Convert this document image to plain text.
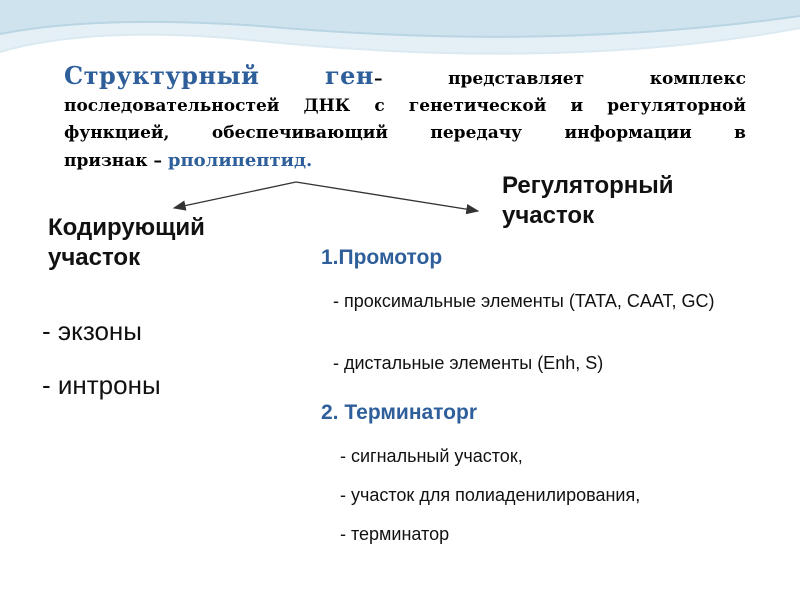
Структурный	ген–	представляет	комплекс
последовательностей ДНК с генетической и регуляторной
функцией, обеспечивающий передачу информации в
признак – рполипептид.
Кодирующий участок
Регуляторный участок
- экзоны
- интроны
1.Промотор
- проксимальные элементы (TATA, CAAT, GC)
- дистальные элементы (Enh, S)
2. Терминаторr
- сигнальный участок,
- участок для полиаденилирования,
- терминатор
